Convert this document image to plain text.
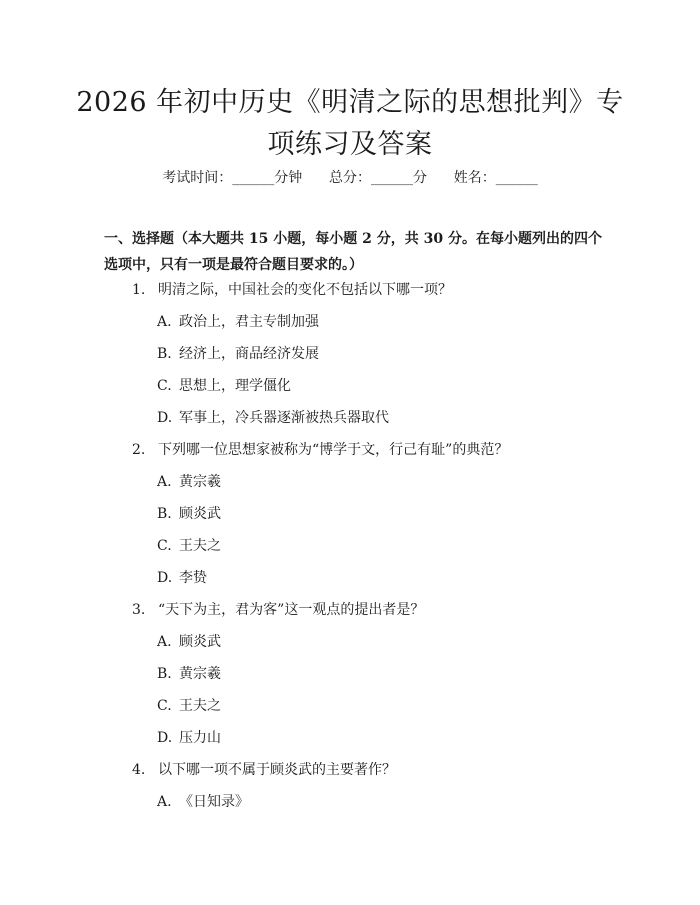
2026 年初中历史《明清之际的思想批判》专
项练习及答案
考试时间：______分钟      总分：______分      姓名：______
一、选择题（本大题共 15 小题，每小题 2 分，共 30 分。在每小题列出的四个选项中，只有一项是最符合题目要求的。）
1. 明清之际，中国社会的变化不包括以下哪一项？
A. 政治上，君主专制加强
B. 经济上，商品经济发展
C. 思想上，理学僵化
D. 军事上，冷兵器逐渐被热兵器取代
2. 下列哪一位思想家被称为“博学于文，行己有耻”的典范？
A. 黄宗羲
B. 顾炎武
C. 王夫之
D. 李贽
3. “天下为主，君为客”这一观点的提出者是？
A. 顾炎武
B. 黄宗羲
C. 王夫之
D. 压力山
4. 以下哪一项不属于顾炎武的主要著作？
A. 《日知录》
